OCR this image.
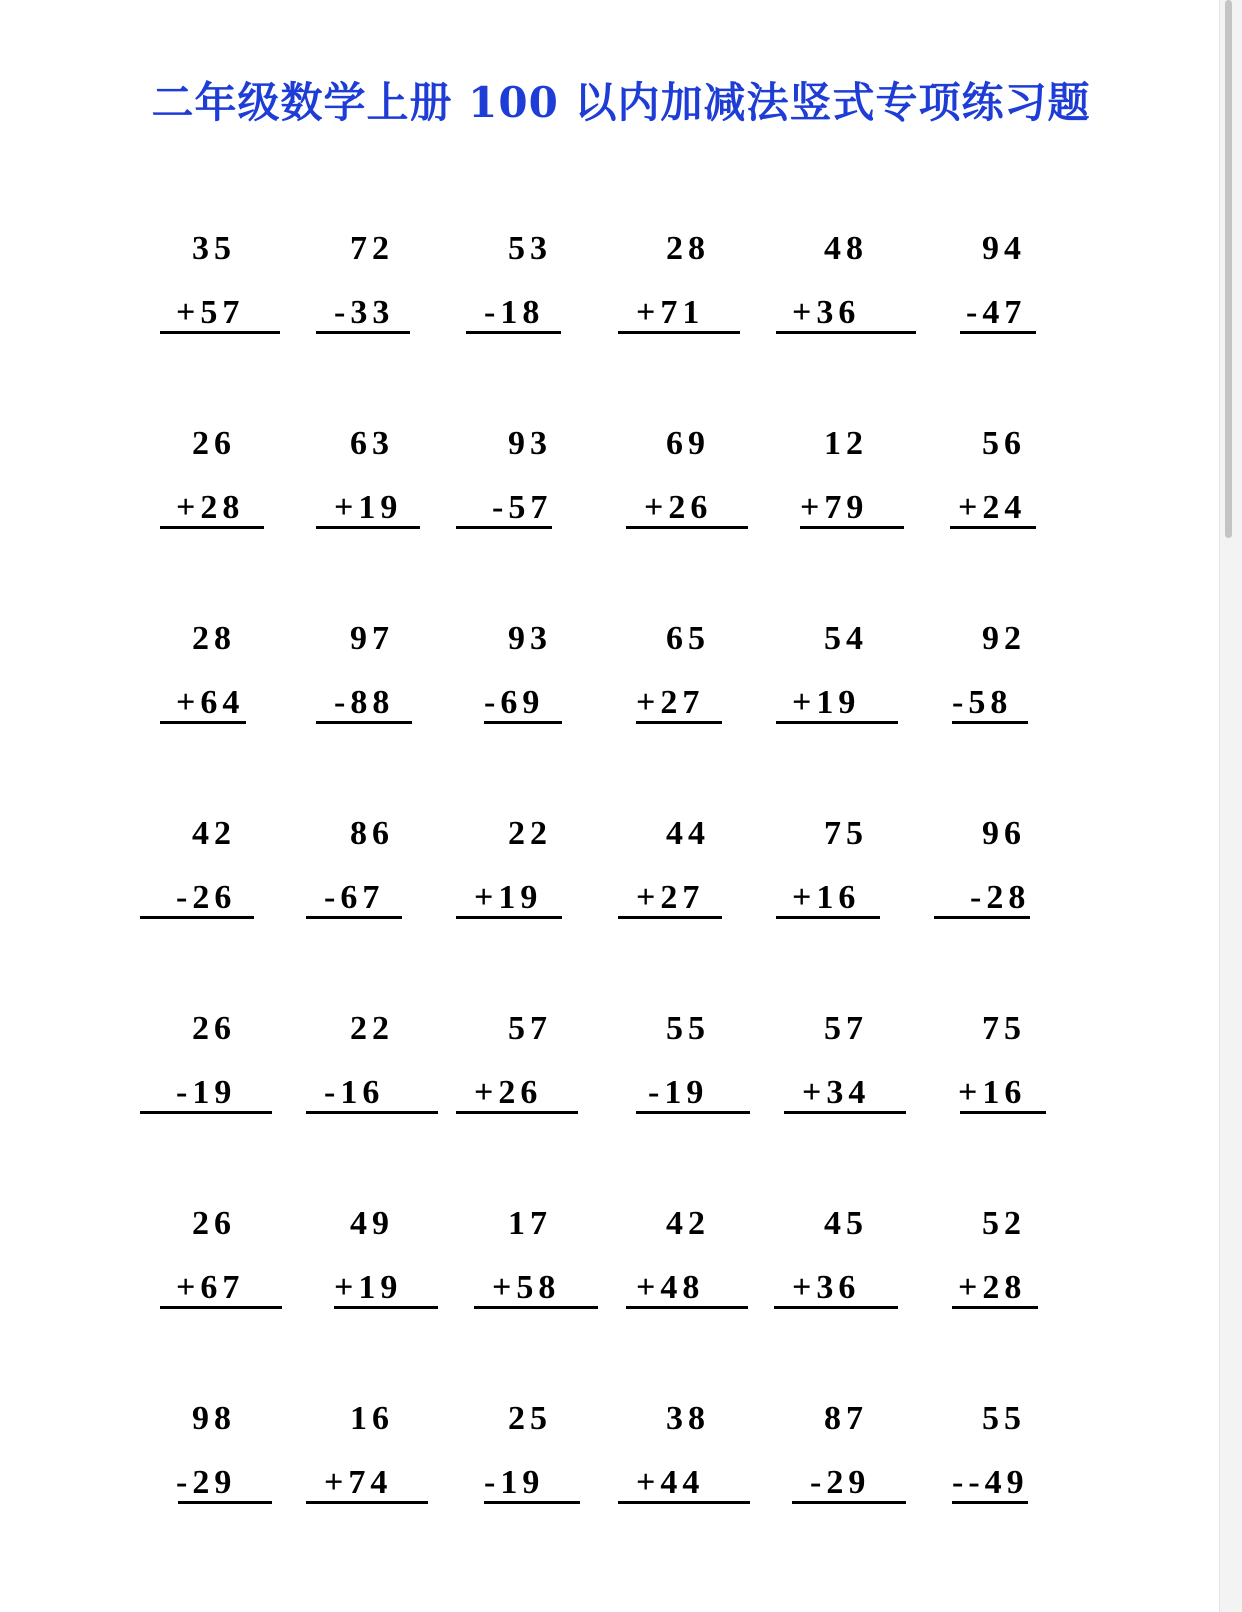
二年级数学上册 100 以内加减法竖式专项练习题
35
+57
72
-33
53
-18
28
+71
48
+36
94
-47
26
+28
63
+19
93
-57
69
+26
12
+79
56
+24
28
+64
97
-88
93
-69
65
+27
54
+19
92
-58
42
-26
86
-67
22
+19
44
+27
75
+16
96
-28
26
-19
22
-16
57
+26
55
-19
57
+34
75
+16
26
+67
49
+19
17
+58
42
+48
45
+36
52
+28
98
-29
16
+74
25
-19
38
+44
87
-29
55
--49
